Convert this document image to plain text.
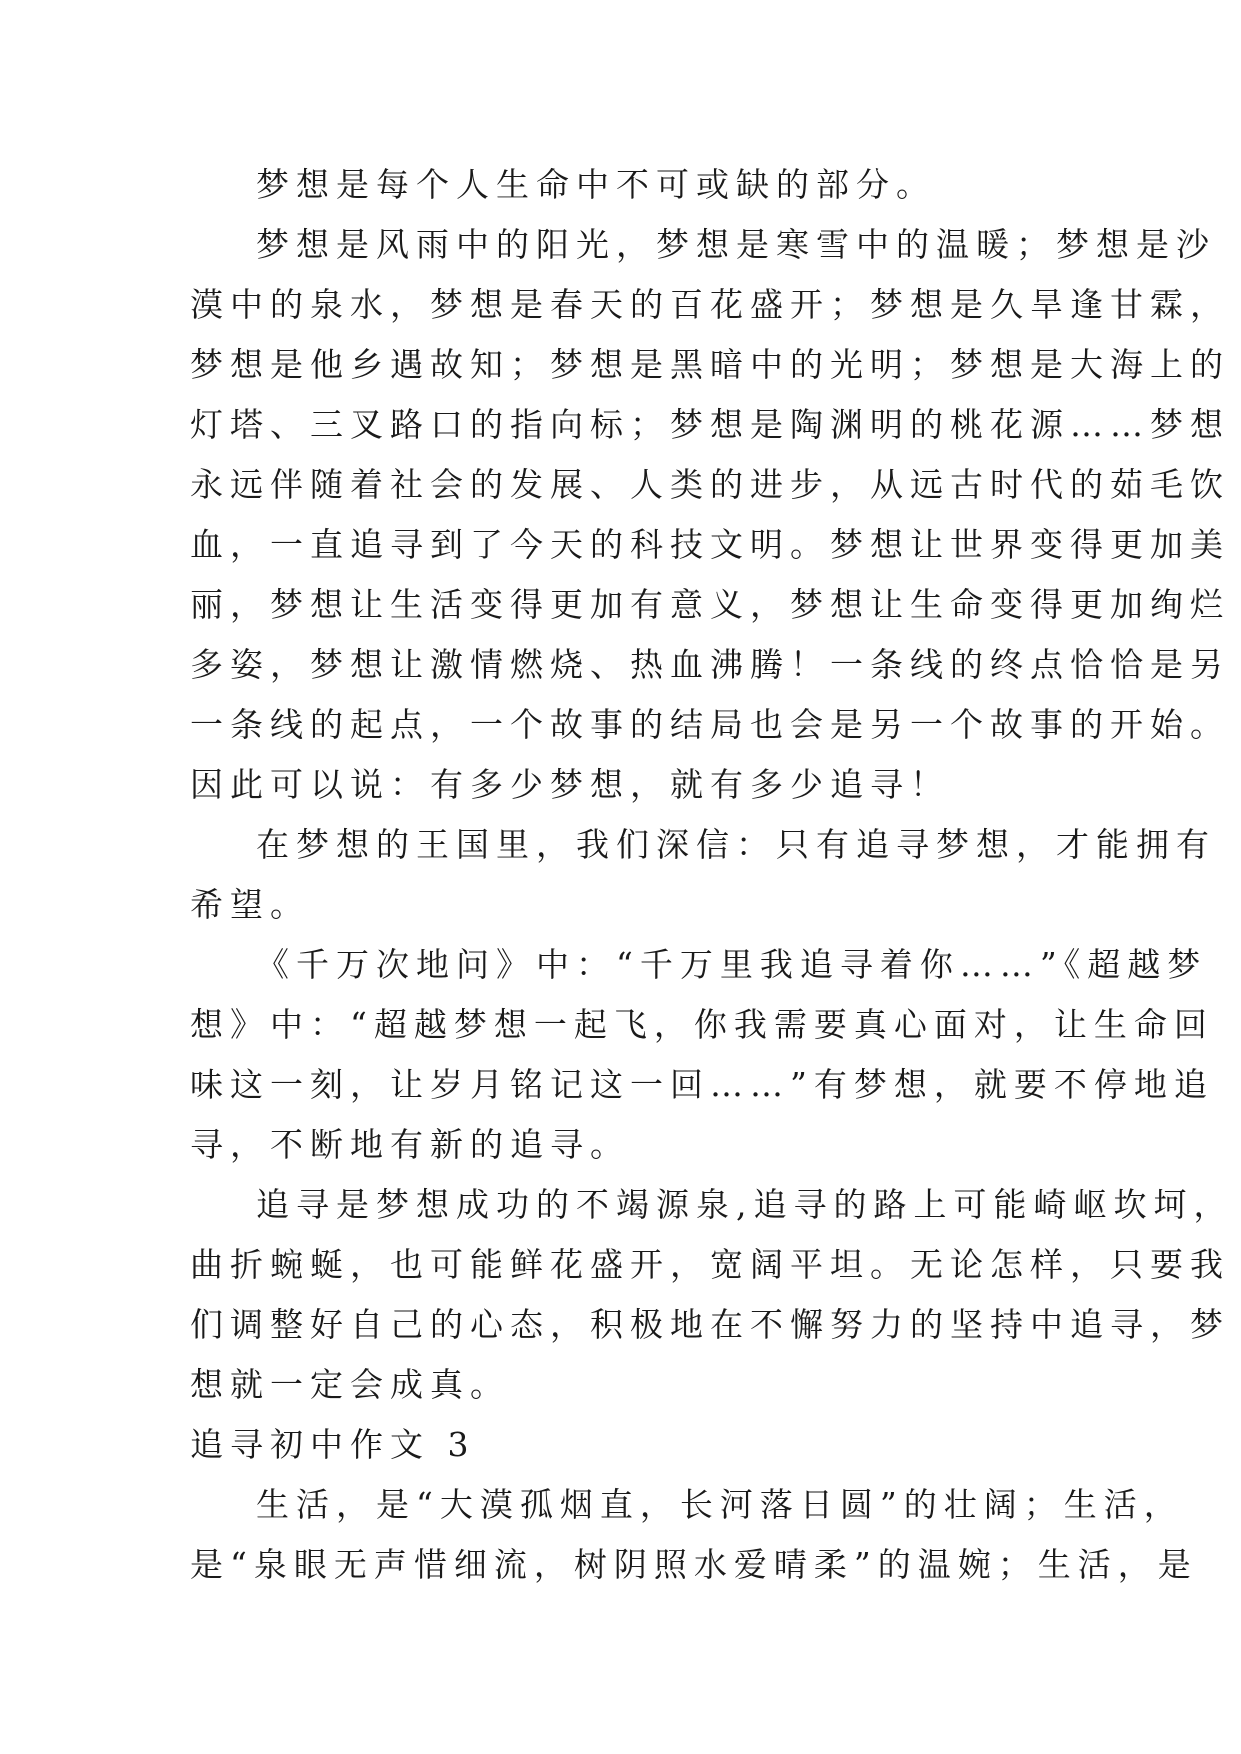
梦想是每个人生命中不可或缺的部分。
梦想是风雨中的阳光，梦想是寒雪中的温暖；梦想是沙
漠中的泉水，梦想是春天的百花盛开；梦想是久旱逢甘霖，
梦想是他乡遇故知；梦想是黑暗中的光明；梦想是大海上的
灯塔、三叉路口的指向标；梦想是陶渊明的桃花源……梦想
永远伴随着社会的发展、人类的进步，从远古时代的茹毛饮
血，一直追寻到了今天的科技文明。梦想让世界变得更加美
丽，梦想让生活变得更加有意义，梦想让生命变得更加绚烂
多姿，梦想让激情燃烧、热血沸腾！一条线的终点恰恰是另
一条线的起点，一个故事的结局也会是另一个故事的开始。
因此可以说：有多少梦想，就有多少追寻！
在梦想的王国里，我们深信：只有追寻梦想，才能拥有
希望。
《千万次地问》中：“千万里我追寻着你……”《超越梦
想》中：“超越梦想一起飞，你我需要真心面对，让生命回
味这一刻，让岁月铭记这一回……”有梦想，就要不停地追
寻，不断地有新的追寻。
追寻是梦想成功的不竭源泉,追寻的路上可能崎岖坎坷，
曲折蜿蜒，也可能鲜花盛开，宽阔平坦。无论怎样，只要我
们调整好自己的心态，积极地在不懈努力的坚持中追寻，梦
想就一定会成真。
追寻初中作文 3
生活，是“大漠孤烟直，长河落日圆”的壮阔；生活，
是“泉眼无声惜细流，树阴照水爱晴柔”的温婉；生活，是
